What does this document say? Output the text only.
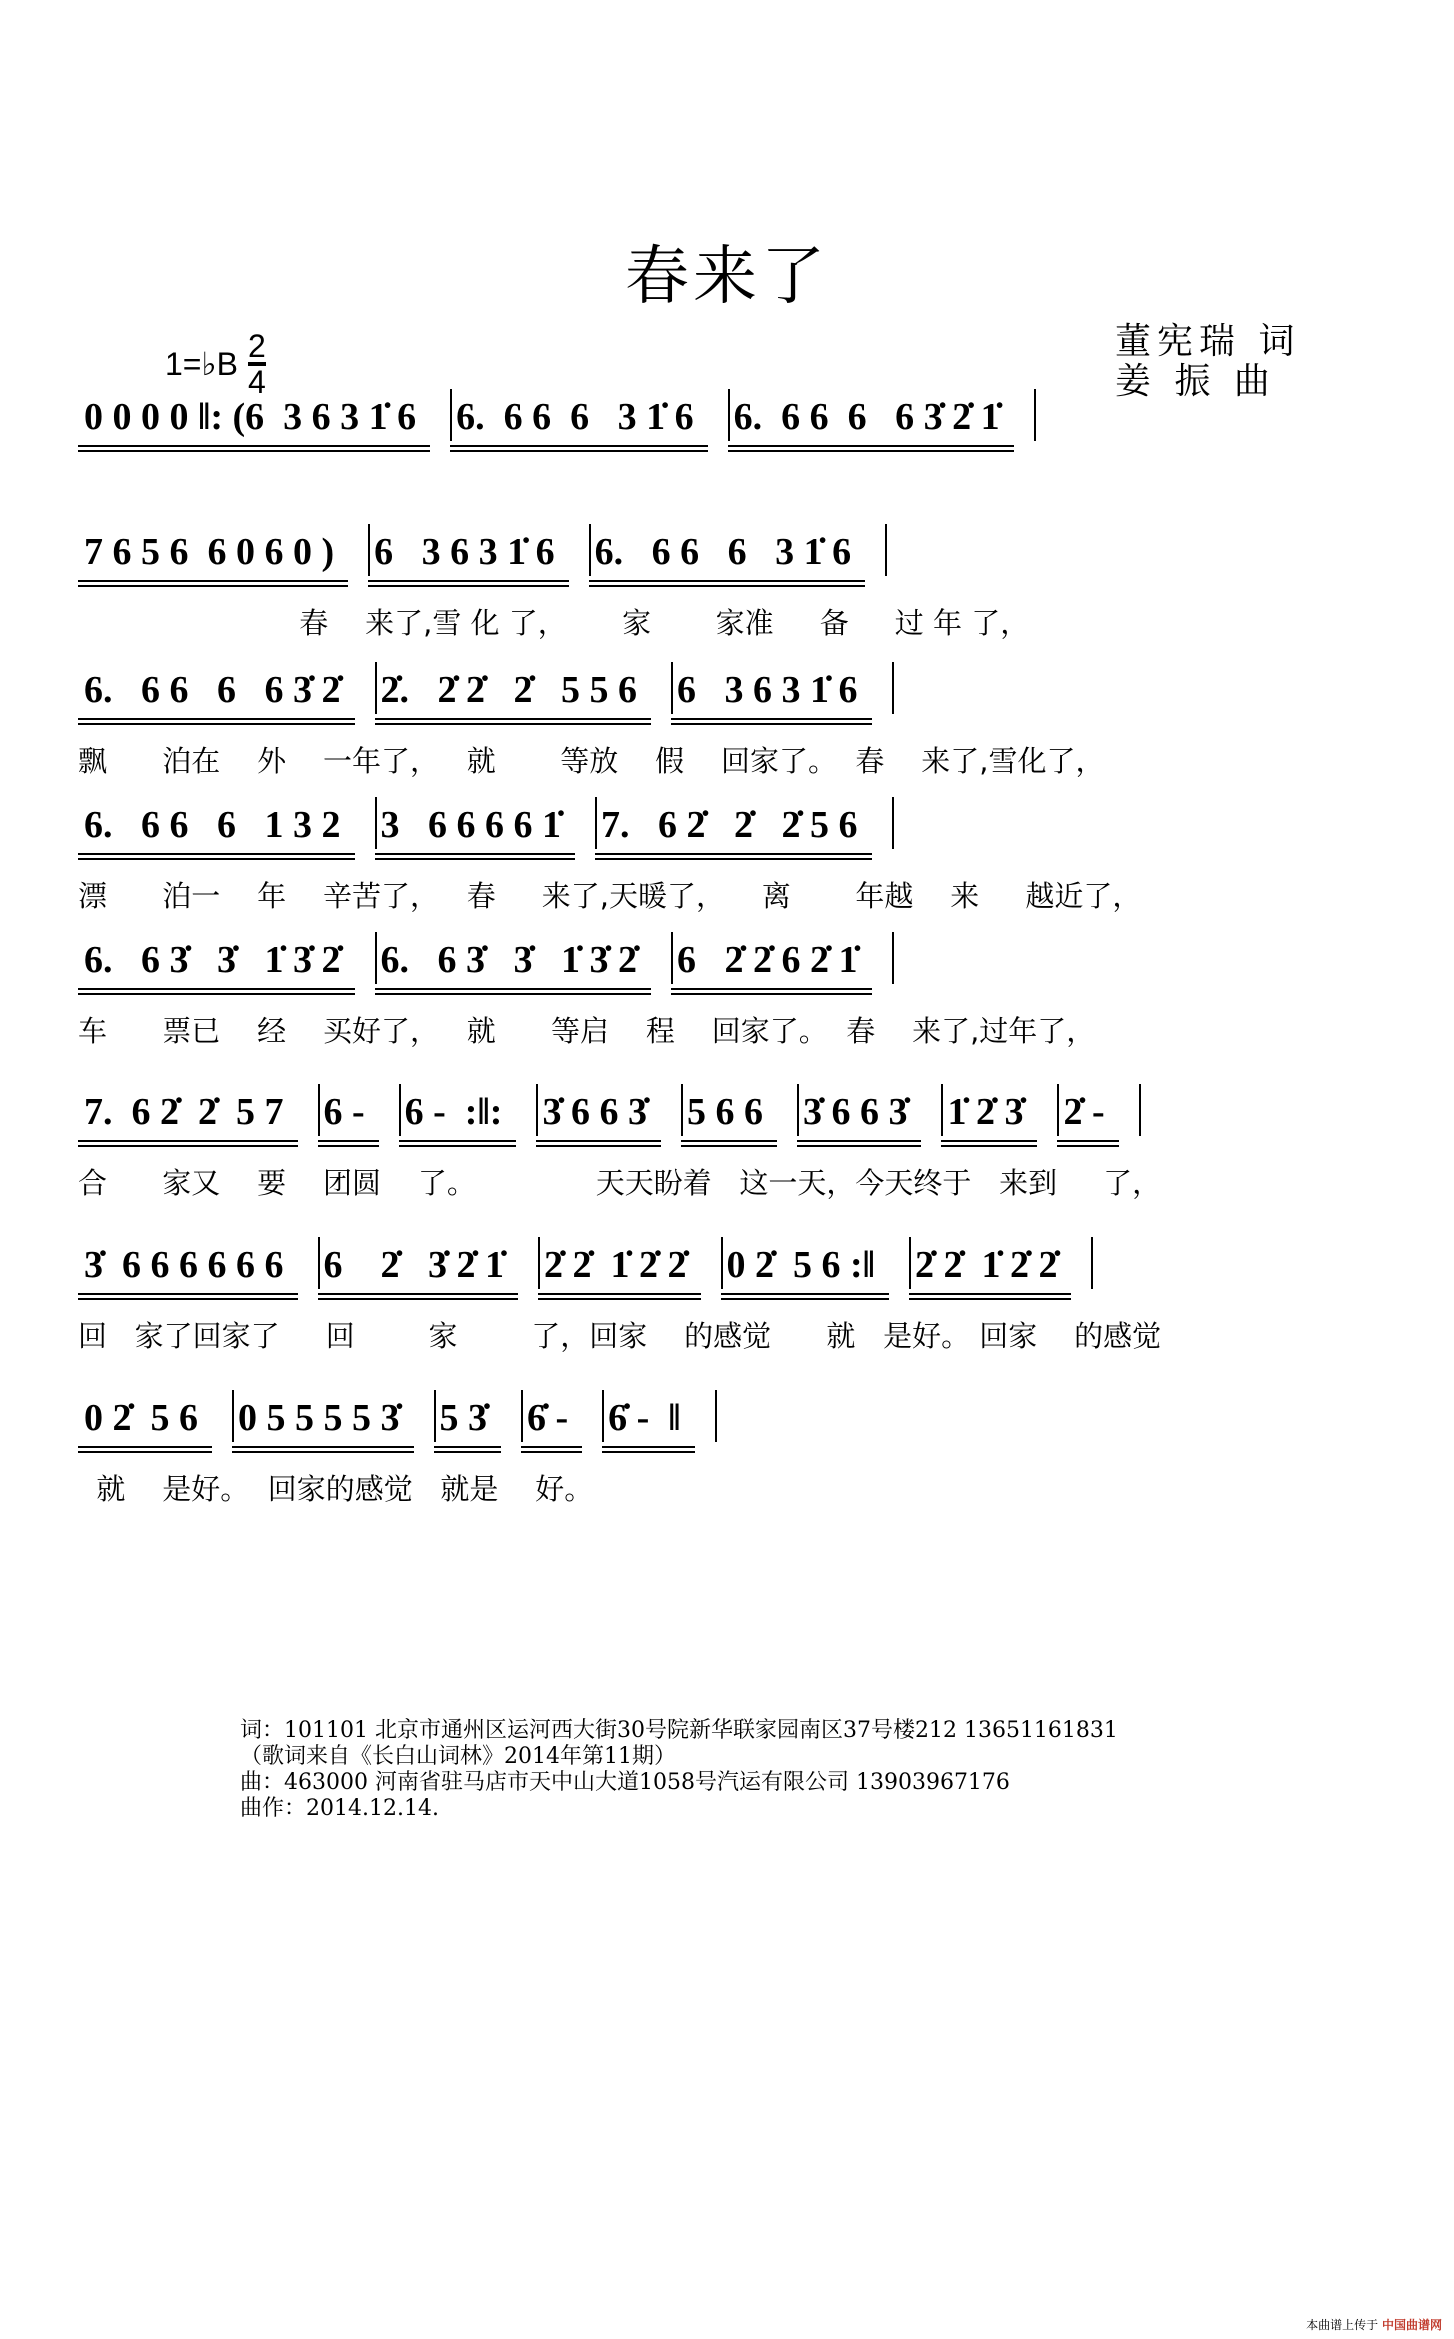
春来了
1=♭B $\frac{2}{4}$	董宪瑞 词
姜 振 曲
0 0 0 0 ‖: (6  3 6 3 1̇ 6	6.  6 6  6   3 1̇ 6	6.  6 6  6   6 3̇ 2̇ 1̇
7 6 5 6  6 0 6 0 )	6   3 6 3 1̇ 6	6.   6 6   6   3 1̇ 6
春    来了,雪 化 了，      家       家准     备     过 年 了，
6.   6 6   6   6 3̇ 2̇	2̇.   2̇ 2̇   2̇   5 5 6	6   3 6 3 1̇ 6
飘      泊在    外    一年了，   就       等放    假    回家了。  春    来了,雪化了，
6.   6 6   6   1 3 2	3   6 6 6 6 1̇	7.   6 2̇   2̇   2̇ 5 6
漂      泊一    年    辛苦了，   春     来了,天暖了，    离       年越    来     越近了，
6.   6 3̇   3̇   1̇ 3̇ 2̇	6.   6 3̇   3̇   1̇ 3̇ 2̇	6   2̇ 2̇ 6 2̇ 1̇
车      票已    经    买好了，   就      等启    程    回家了。  春    来了,过年了，
7.  6 2̇  2̇  5 7	6 -	6 -  :‖:	3̇ 6 6 3̇	5 6 6	3̇ 6 6 3̇	1̇ 2̇ 3̇	2̇ -
合      家又    要    团圆    了。             天天盼着   这一天，今天终于   来到     了，
3̇  6 6 6 6 6 6	6    2̇   3̇ 2̇ 1̇	2̇ 2̇  1̇ 2̇ 2̇	0 2̇  5 6 :‖	2̇ 2̇  1̇ 2̇ 2̇
回   家了回家了     回        家        了，回家    的感觉      就   是好。 回家    的感觉
0 2̇  5 6	0 5 5 5 5 3̇	5 3̇	6̇ -	6̇ -  ‖
就    是好。  回家的感觉   就是    好。
词：101101 北京市通州区运河西大街30号院新华联家园南区37号楼212 13651161831
（歌词来自《长白山词林》2014年第11期）
曲：463000 河南省驻马店市天中山大道1058号汽运有限公司 13903967176
曲作：2014.12.14.
本曲谱上传于 中国曲谱网
